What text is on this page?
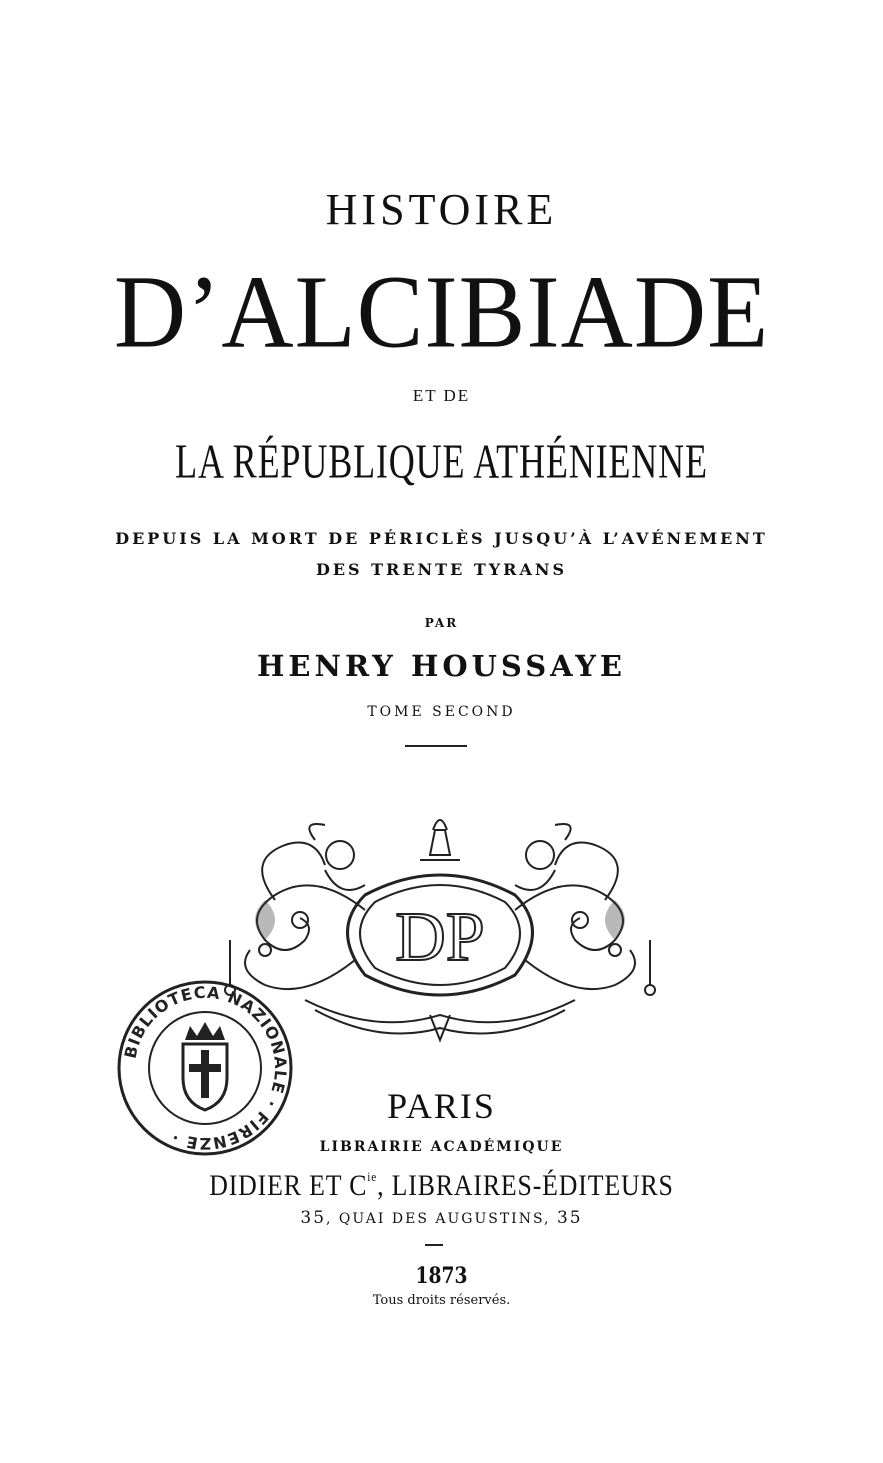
HISTOIRE
D’ALCIBIADE
ET DE
LA RÉPUBLIQUE ATHÉNIENNE
DEPUIS LA MORT DE PÉRICLÈS JUSQU’À L’AVÉNEMENT
DES TRENTE TYRANS
PAR
HENRY HOUSSAYE
TOME SECOND
DP
BIBLIOTECA NAZIONALE · FIRENZE ·
PARIS
LIBRAIRIE ACADÉMIQUE
DIDIER ET $C^{ie}$, LIBRAIRES-ÉDITEURS
35, QUAI DES AUGUSTINS, 35
1873
Tous droits réservés.
